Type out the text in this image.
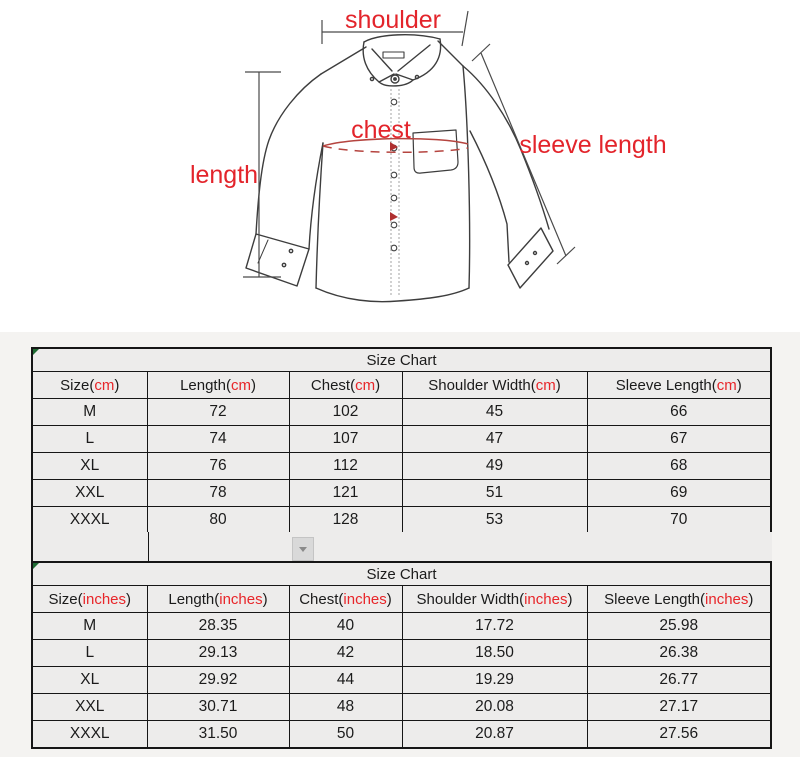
shoulder
chest
length
sleeve length
Size Chart				
Size(cm)	Length(cm)	Chest(cm)	Shoulder Width(cm)	Sleeve Length(cm)
M	72	102	45	66
L	74	107	47	67
XL	76	112	49	68
XXL	78	121	51	69
XXXL	80	128	53	70
Size Chart				
Size(inches)	Length(inches)	Chest(inches)	Shoulder Width(inches)	Sleeve Length(inches)
M	28.35	40	17.72	25.98
L	29.13	42	18.50	26.38
XL	29.92	44	19.29	26.77
XXL	30.71	48	20.08	27.17
XXXL	31.50	50	20.87	27.56
